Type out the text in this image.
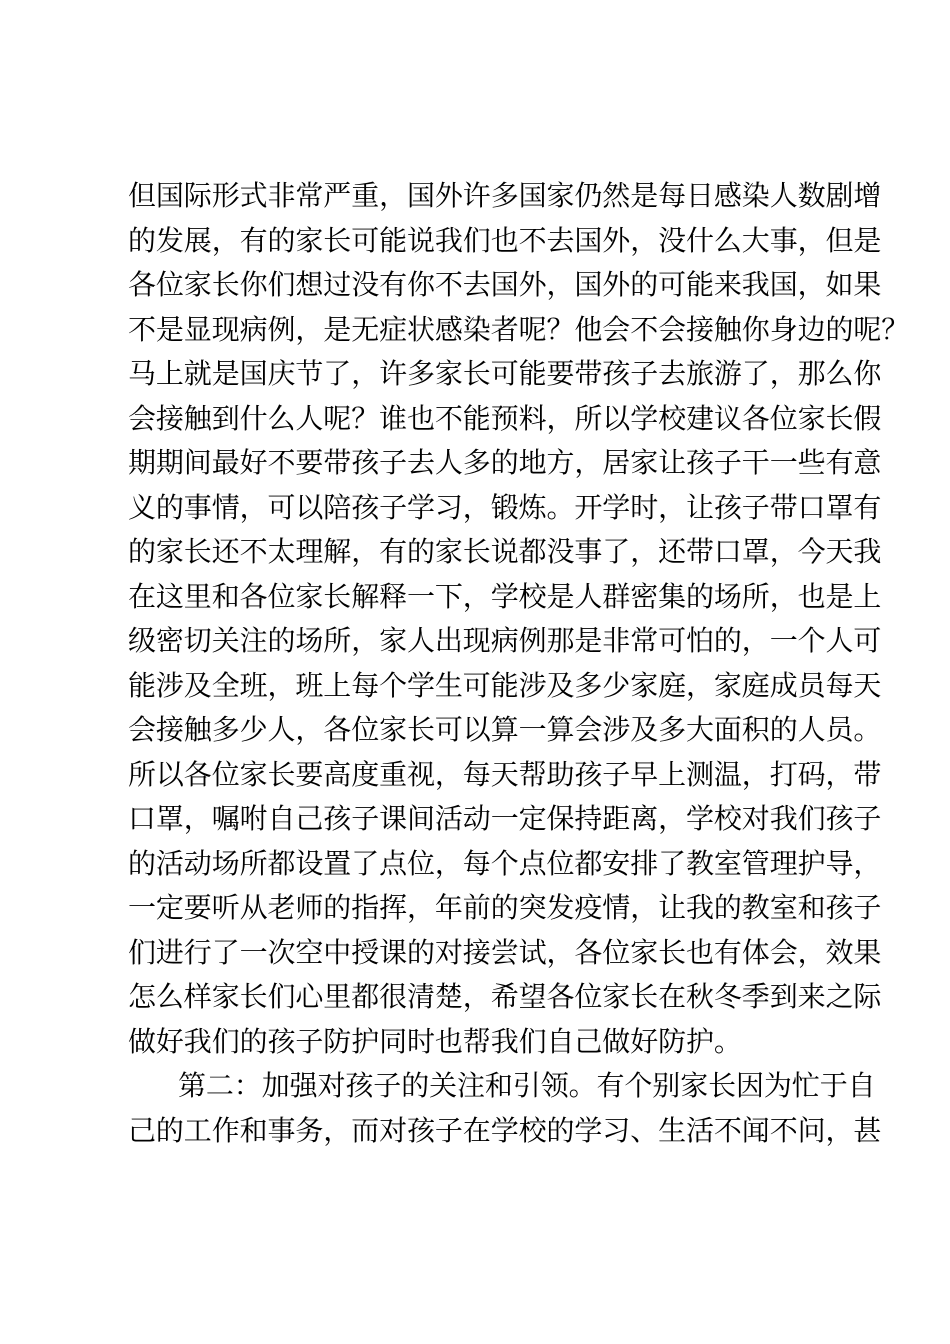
但国际形式非常严重，国外许多国家仍然是每日感染人数剧增
的发展，有的家长可能说我们也不去国外，没什么大事，但是
各位家长你们想过没有你不去国外，国外的可能来我国，如果
不是显现病例，是无症状感染者呢？他会不会接触你身边的呢？
马上就是国庆节了，许多家长可能要带孩子去旅游了，那么你
会接触到什么人呢？谁也不能预料，所以学校建议各位家长假
期期间最好不要带孩子去人多的地方，居家让孩子干一些有意
义的事情，可以陪孩子学习，锻炼。开学时，让孩子带口罩有
的家长还不太理解，有的家长说都没事了，还带口罩，今天我
在这里和各位家长解释一下，学校是人群密集的场所，也是上
级密切关注的场所，家人出现病例那是非常可怕的，一个人可
能涉及全班，班上每个学生可能涉及多少家庭，家庭成员每天
会接触多少人，各位家长可以算一算会涉及多大面积的人员。
所以各位家长要高度重视，每天帮助孩子早上测温，打码，带
口罩，嘱咐自己孩子课间活动一定保持距离，学校对我们孩子
的活动场所都设置了点位，每个点位都安排了教室管理护导，
一定要听从老师的指挥，年前的突发疫情，让我的教室和孩子
们进行了一次空中授课的对接尝试，各位家长也有体会，效果
怎么样家长们心里都很清楚，希望各位家长在秋冬季到来之际
做好我们的孩子防护同时也帮我们自己做好防护。
第二：加强对孩子的关注和引领。有个别家长因为忙于自
己的工作和事务，而对孩子在学校的学习、生活不闻不问，甚
